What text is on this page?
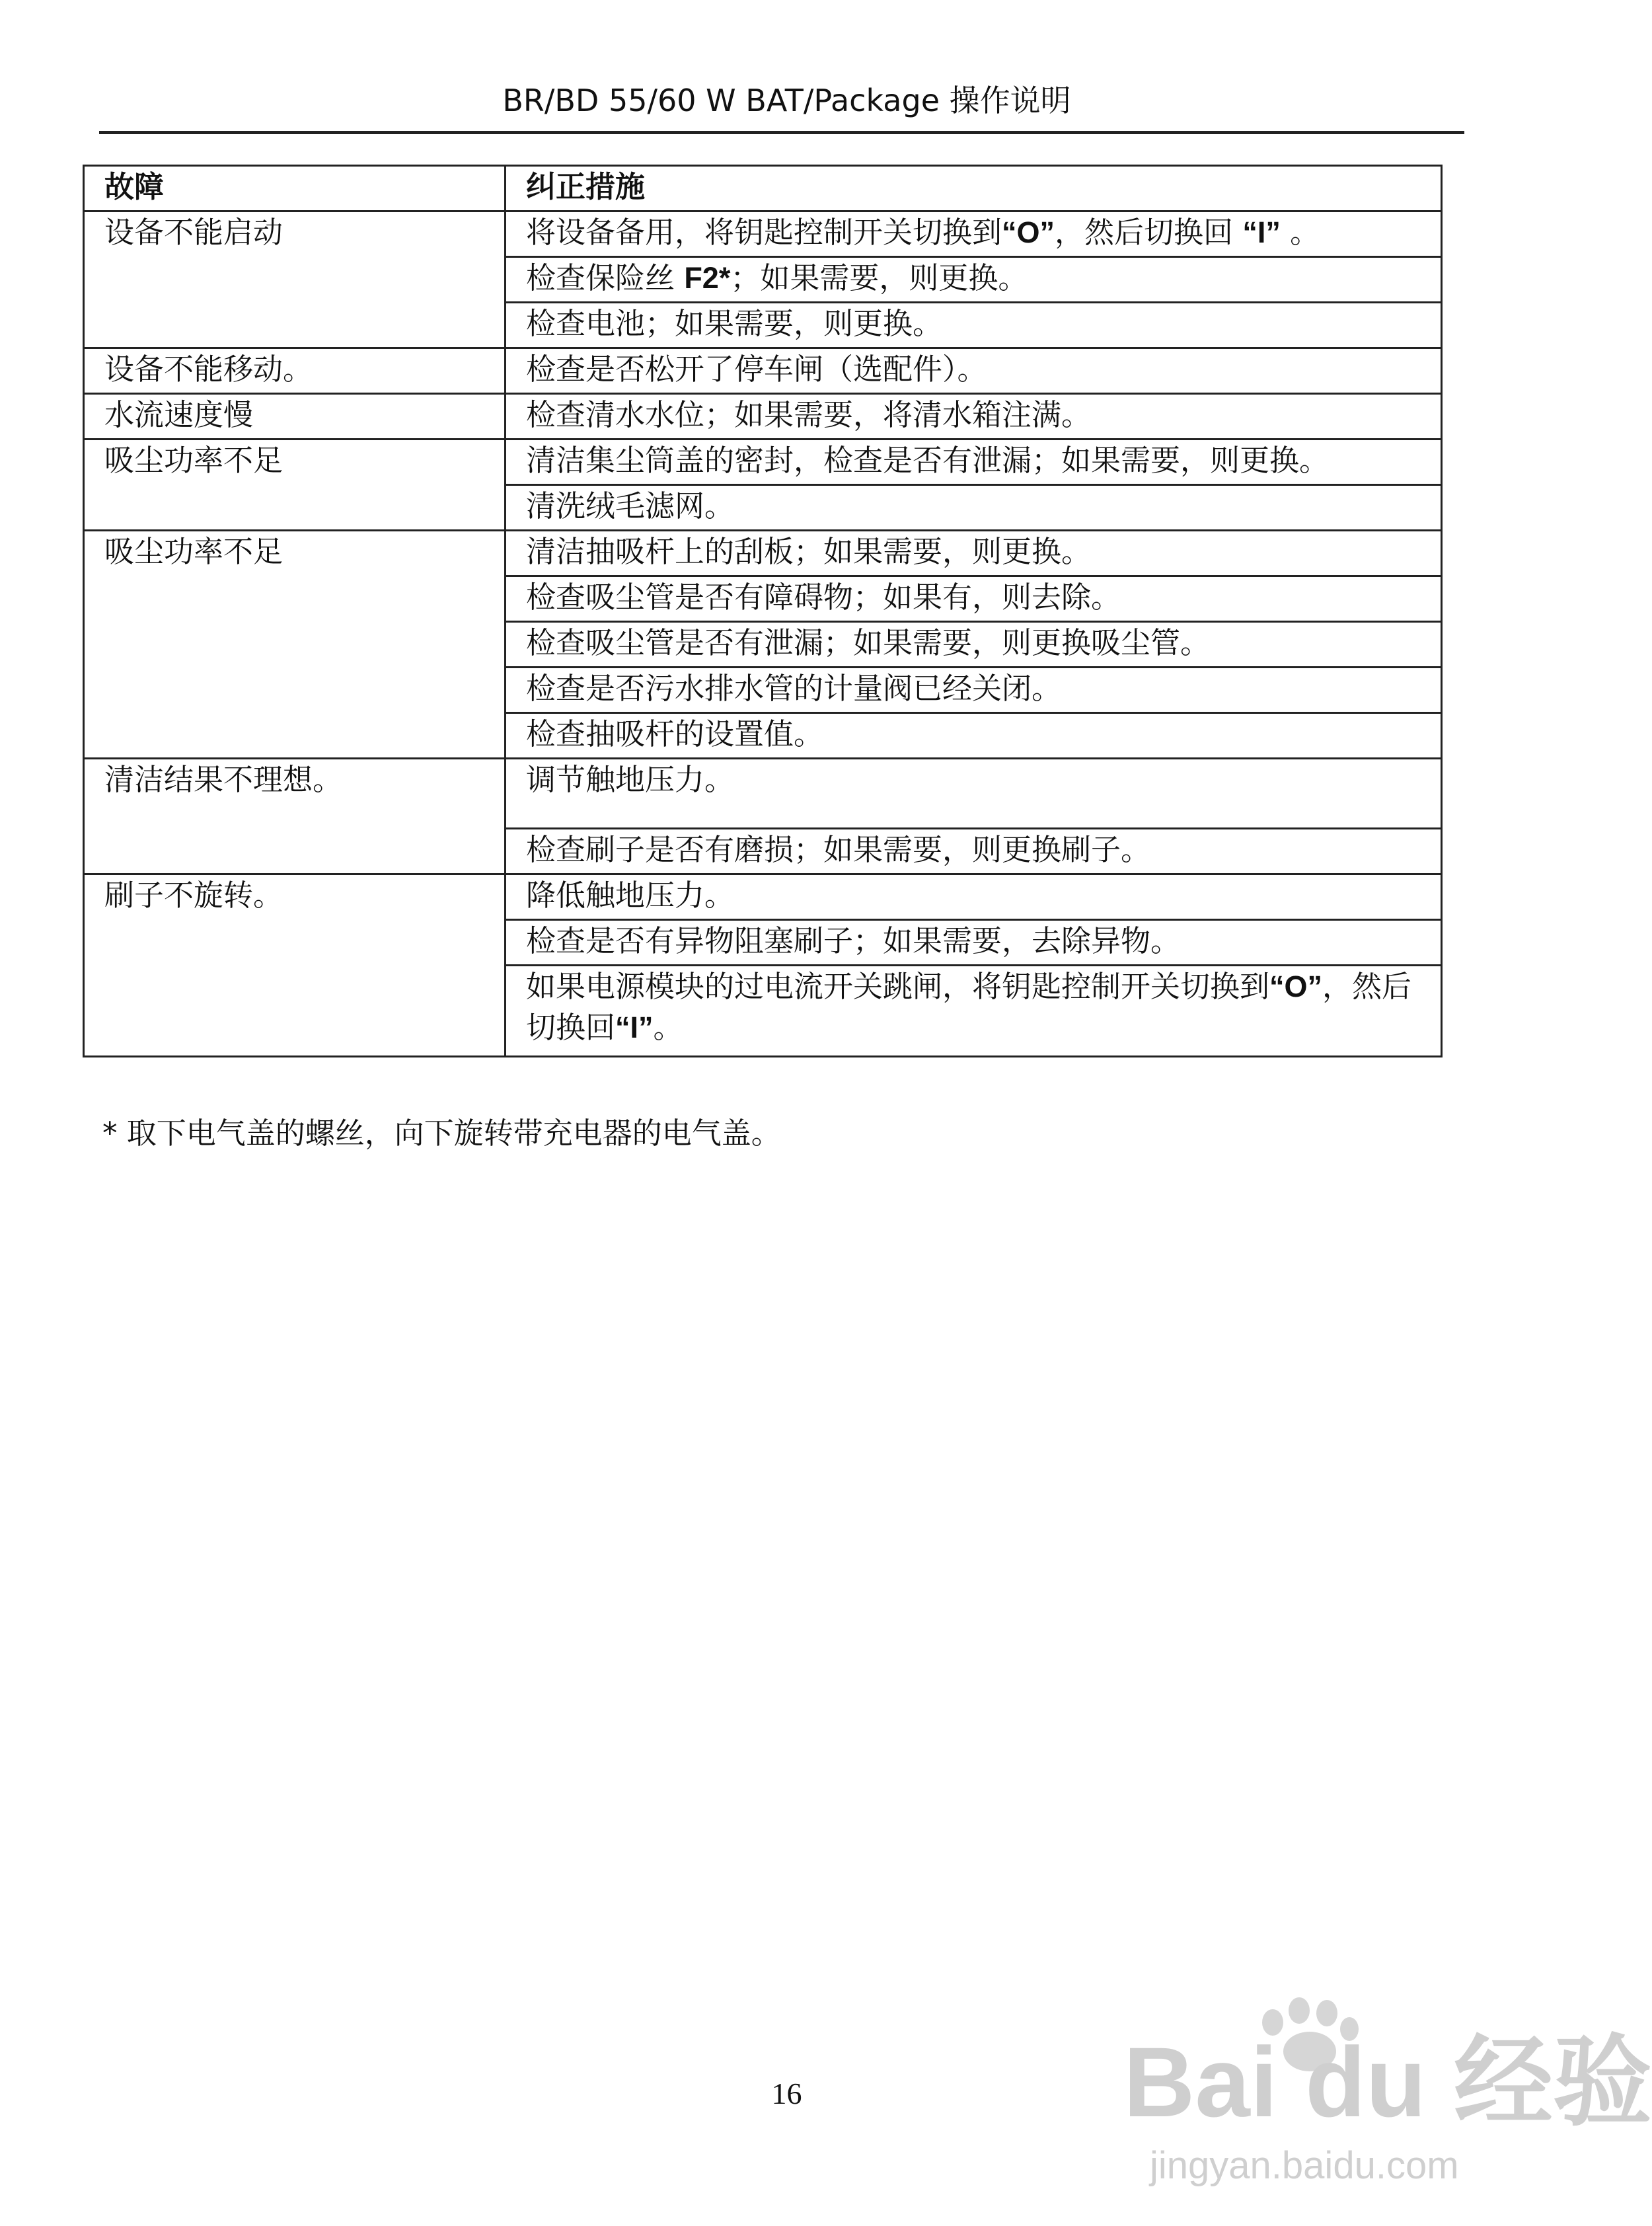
BR/BD 55/60 W BAT/Package 操作说明
故障	纠正措施
设备不能启动	将设备备用，将钥匙控制开关切换到“O”，然后切换回 “I” 。
	检查保险丝 F2*；如果需要，则更换。
	检查电池；如果需要，则更换。
设备不能移动。	检查是否松开了停车闸（选配件）。
水流速度慢	检查清水水位；如果需要，将清水箱注满。
吸尘功率不足	清洁集尘筒盖的密封，检查是否有泄漏；如果需要，则更换。
	清洗绒毛滤网。
吸尘功率不足	清洁抽吸杆上的刮板；如果需要，则更换。
	检查吸尘管是否有障碍物；如果有，则去除。
	检查吸尘管是否有泄漏；如果需要，则更换吸尘管。
	检查是否污水排水管的计量阀已经关闭。
	检查抽吸杆的设置值。
清洁结果不理想。	调节触地压力。
	检查刷子是否有磨损；如果需要，则更换刷子。
刷子不旋转。	降低触地压力。
	检查是否有异物阻塞刷子；如果需要，去除异物。
	如果电源模块的过电流开关跳闸，将钥匙控制开关切换到“O”，然后切换回“I”。
* 取下电气盖的螺丝，向下旋转带充电器的电气盖。
16	Bai du 经验
jingyan.baidu.com
